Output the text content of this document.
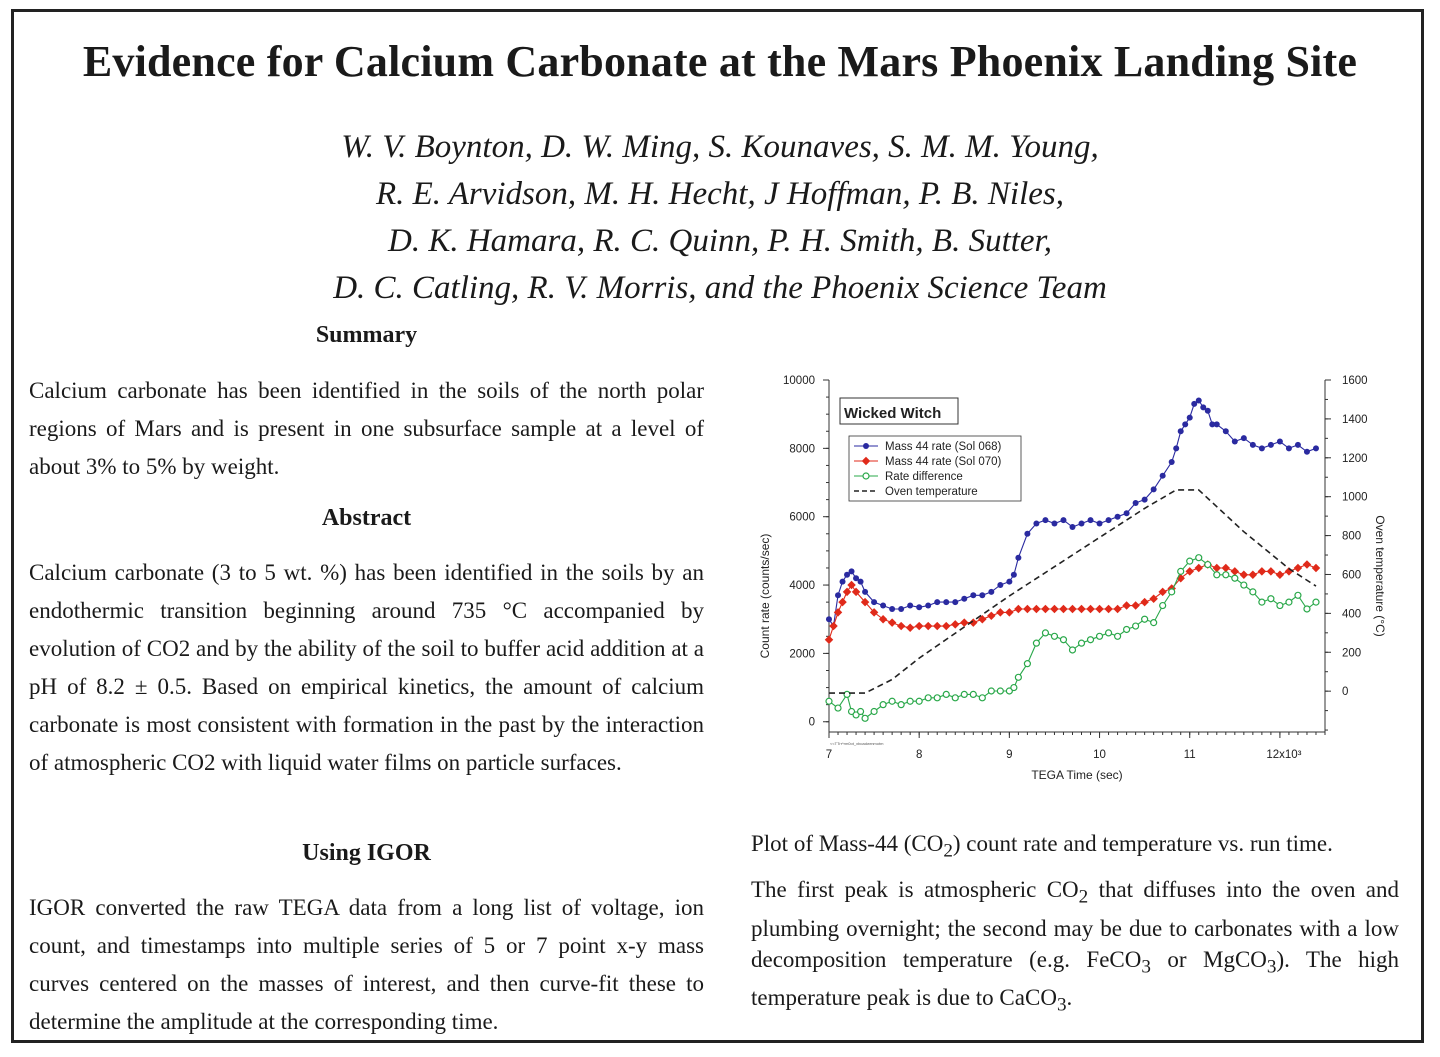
Evidence for Calcium Carbonate at the Mars Phoenix Landing Site
W. V. Boynton, D. W. Ming, S. Kounaves, S. M. M. Young,
R. E. Arvidson, M. H. Hecht, J Hoffman, P. B. Niles,
D. K. Hamara, R. C. Quinn, P. H. Smith, B. Sutter,
D. C. Catling, R. V. Morris, and the Phoenix Science Team
Summary
Calcium carbonate has been identified in the soils of the north polar regions of Mars and is present in one subsurface sample at a level of about 3% to 5% by weight.
Abstract
Calcium carbonate (3 to 5 wt. %) has been identified in the soils by an endothermic transition beginning around 735 °C accompanied by evolution of CO2 and by the ability of the soil to buffer acid addition at a pH of 8.2 ± 0.5. Based on empirical kinetics, the amount of calcium carbonate is most consistent with formation in the past by the interaction of atmospheric CO2 with liquid water films on particle surfaces.
Using IGOR
IGOR converted the raw TEGA data from a long list of voltage, ion count, and timestamps into multiple series of 5 or 7 point x-y mass curves centered on the masses of interest, and then curve-fit these to determine the amplitude at the corresponding time.
0
2000
4000
6000
8000
10000
0
200
400
600
800
1000
1200
1400
1600
7	8	9	10	11	12x10³
TEGA Time (sec)
Count rate (counts/sec)	Oven temperature (°C)
<<TTrr*rm0ot_xboadwrnmotm
Wicked Witch
Mass 44 rate (Sol 068)
Mass 44 rate (Sol 070)
Rate difference
Oven temperature
Plot of Mass-44 $(CO_2)$ count rate and temperature vs. run time.
The first peak is atmospheric $CO_2$ that diffuses into the oven and plumbing overnight; the second may be due to carbonates with a low decomposition temperature (e.g. FeCO$_3$ or MgCO$_3$). The high temperature peak is due to CaCO$_3$.
